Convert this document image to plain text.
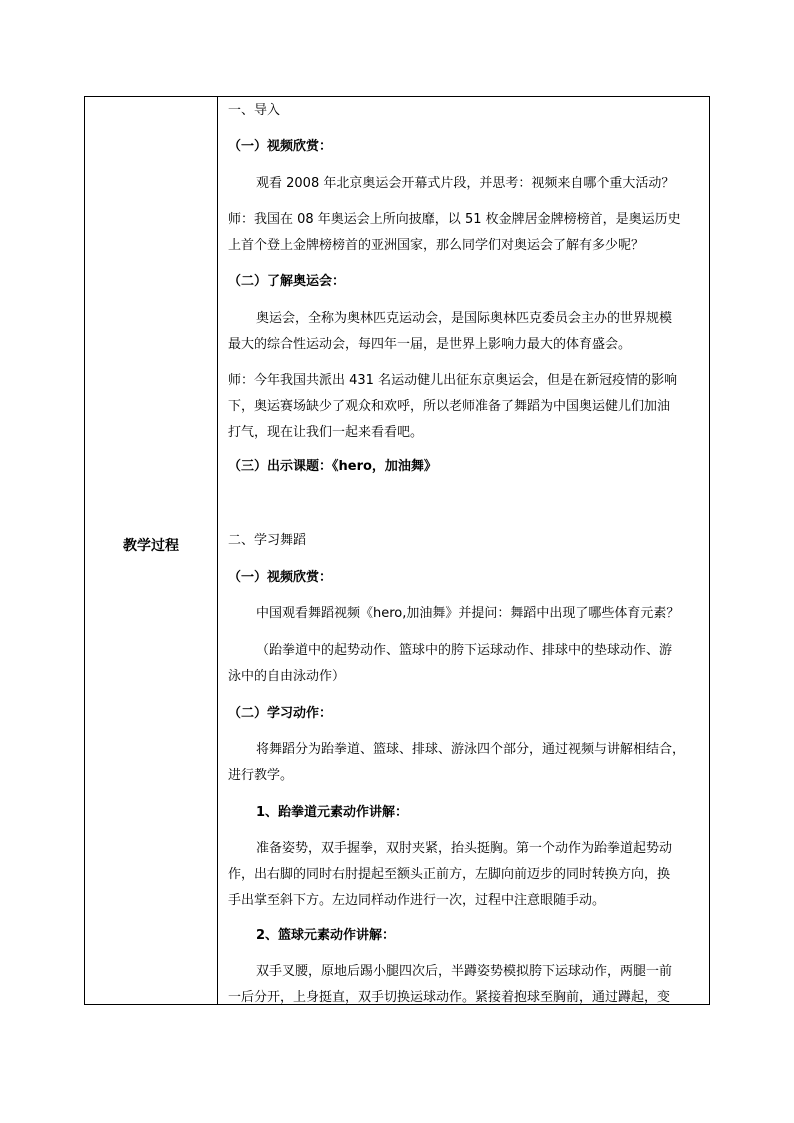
教学过程
一、导入
（一）视频欣赏：
观看 2008 年北京奥运会开幕式片段，并思考：视频来自哪个重大活动？
师：我国在 08 年奥运会上所向披靡，以 51 枚金牌居金牌榜榜首，是奥运历史
上首个登上金牌榜榜首的亚洲国家，那么同学们对奥运会了解有多少呢？
（二）了解奥运会：
奥运会，全称为奥林匹克运动会，是国际奥林匹克委员会主办的世界规模
最大的综合性运动会，每四年一届，是世界上影响力最大的体育盛会。
师：今年我国共派出 431 名运动健儿出征东京奥运会，但是在新冠疫情的影响
下，奥运赛场缺少了观众和欢呼，所以老师准备了舞蹈为中国奥运健儿们加油
打气，现在让我们一起来看看吧。
（三）出示课题：《hero，加油舞》
二、学习舞蹈
（一）视频欣赏：
中国观看舞蹈视频《hero,加油舞》并提问：舞蹈中出现了哪些体育元素？
（跆拳道中的起势动作、篮球中的胯下运球动作、排球中的垫球动作、游
泳中的自由泳动作）
（二）学习动作：
将舞蹈分为跆拳道、篮球、排球、游泳四个部分，通过视频与讲解相结合，
进行教学。
1、跆拳道元素动作讲解：
准备姿势，双手握拳，双肘夹紧，抬头挺胸。第一个动作为跆拳道起势动
作，出右脚的同时右肘提起至额头正前方，左脚向前迈步的同时转换方向，换
手出掌至斜下方。左边同样动作进行一次，过程中注意眼随手动。
2、篮球元素动作讲解：
双手叉腰，原地后踢小腿四次后，半蹲姿势模拟胯下运球动作，两腿一前
一后分开，上身挺直，双手切换运球动作。紧接着抱球至胸前，通过蹲起，变
